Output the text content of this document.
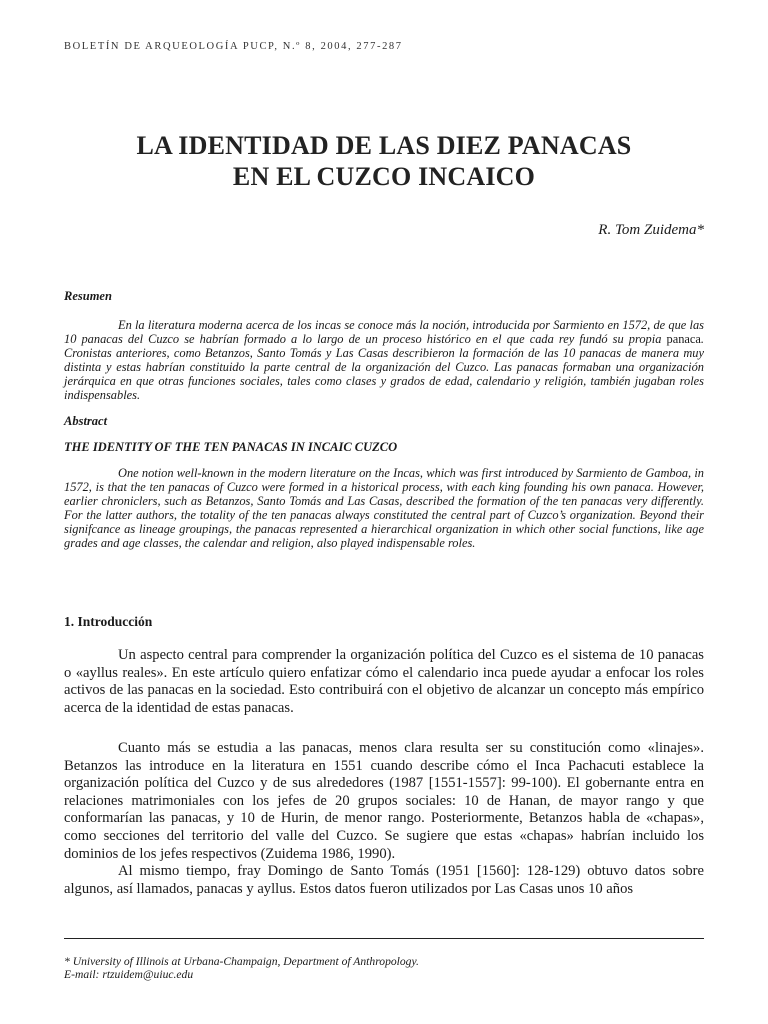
BOLETÍN DE ARQUEOLOGÍA PUCP, N.º 8, 2004, 277-287
LA IDENTIDAD DE LAS DIEZ PANACAS
EN EL CUZCO INCAICO
R. Tom Zuidema*
Resumen

En la literatura moderna acerca de los incas se conoce más la noción, introducida por Sarmiento en 1572, de que las 10 panacas del Cuzco se habrían formado a lo largo de un proceso histórico en el que cada rey fundó su propia panaca. Cronistas anteriores, como Betanzos, Santo Tomás y Las Casas describieron la formación de las 10 panacas de manera muy distinta y estas habrían constituido la parte central de la organización del Cuzco. Las panacas formaban una organización jerárquica en que otras funciones sociales, tales como clases y grados de edad, calendario y religión, también jugaban roles indispensables.

Abstract
THE IDENTITY OF THE TEN PANACAS IN INCAIC CUZCO

One notion well-known in the modern literature on the Incas, which was first introduced by Sarmiento de Gamboa, in 1572, is that the ten panacas of Cuzco were formed in a historical process, with each king founding his own panaca. However, earlier chroniclers, such as Betanzos, Santo Tomás and Las Casas, described the formation of the ten panacas very differently. For the latter authors, the totality of the ten panacas always constituted the central part of Cuzco’s organization. Beyond their signifcance as lineage groupings, the panacas represented a hierarchical organization in which other social functions, like age grades and age classes, the calendar and religion, also played indispensable roles.

1. Introducción

Un aspecto central para comprender la organización política del Cuzco es el sistema de 10 panacas o «ayllus reales». En este artículo quiero enfatizar cómo el calendario inca puede ayudar a enfocar los roles activos de las panacas en la sociedad. Esto contribuirá con el objetivo de alcanzar un concepto más empírico acerca de la identidad de estas panacas.

Cuanto más se estudia a las panacas, menos clara resulta ser su constitución como «linajes». Betanzos las introduce en la literatura en 1551 cuando describe cómo el Inca Pachacuti establece la organización política del Cuzco y de sus alrededores (1987 [1551-1557]: 99-100). El gobernante entra en relaciones matrimoniales con los jefes de 20 grupos sociales: 10 de Hanan, de mayor rango y que conformarían las panacas, y 10 de Hurin, de menor rango. Posteriormente, Betanzos habla de «chapas», como secciones del territorio del valle del Cuzco. Se sugiere que estas «chapas» habrían incluido los dominios de los jefes respectivos (Zuidema 1986, 1990).

Al mismo tiempo, fray Domingo de Santo Tomás (1951 [1560]: 128-129) obtuvo datos sobre algunos, así llamados, panacas y ayllus. Estos datos fueron utilizados por Las Casas unos 10 años

* University of Illinois at Urbana-Champaign, Department of Anthropology.
E-mail: rtzuidem@uiuc.edu
